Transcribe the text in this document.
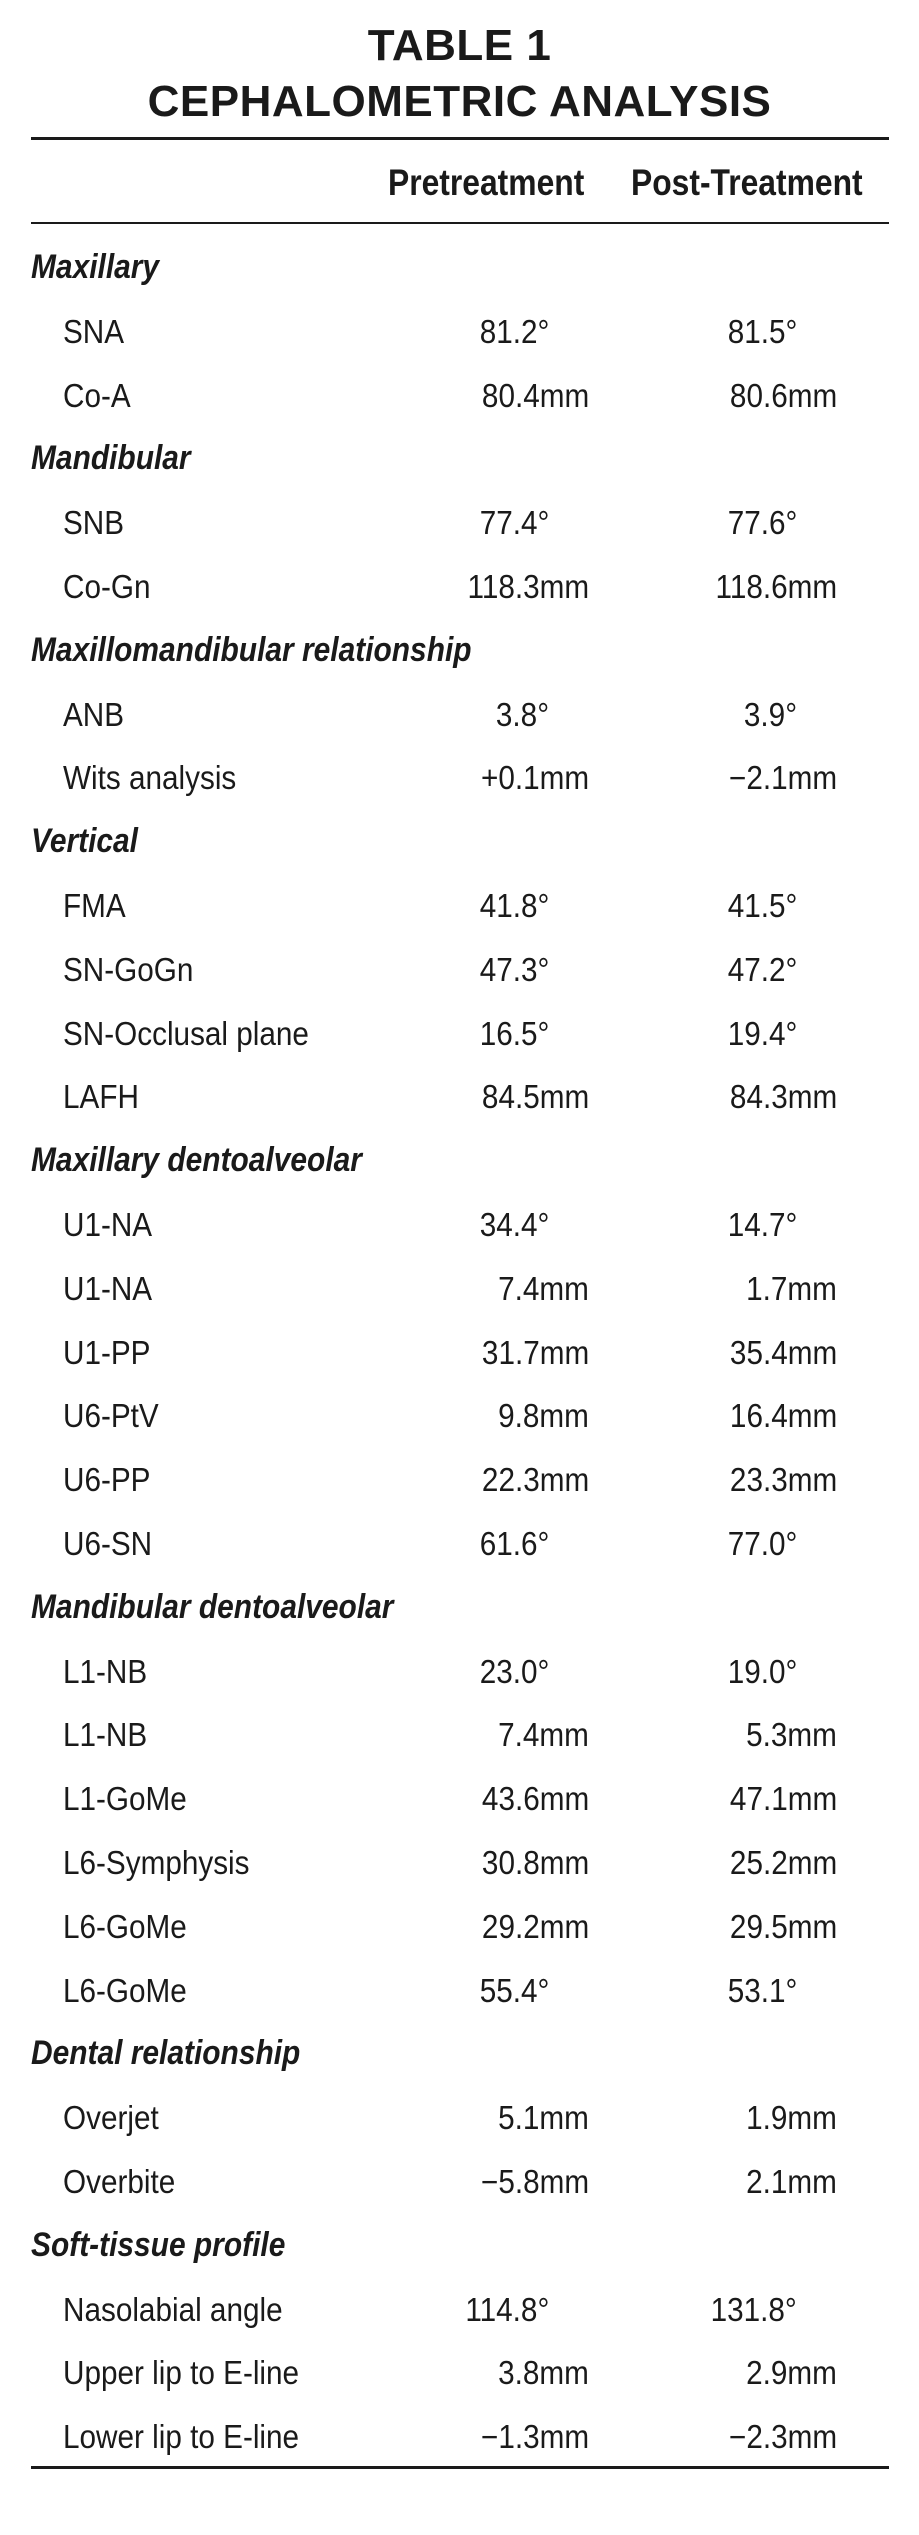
TABLE 1
CEPHALOMETRIC ANALYSIS
Pretreatment Post-Treatment
Maxillary
SNA	81.2°	81.5°
Co-A	80.4mm	80.6mm
Mandibular
SNB	77.4°	77.6°
Co-Gn	118.3mm	118.6mm
Maxillomandibular relationship
ANB	3.8°	3.9°
Wits analysis	+0.1mm	−2.1mm
Vertical
FMA	41.8°	41.5°
SN-GoGn	47.3°	47.2°
SN-Occlusal plane	16.5°	19.4°
LAFH	84.5mm	84.3mm
Maxillary dentoalveolar
U1-NA	34.4°	14.7°
U1-NA	7.4mm	1.7mm
U1-PP	31.7mm	35.4mm
U6-PtV	9.8mm	16.4mm
U6-PP	22.3mm	23.3mm
U6-SN	61.6°	77.0°
Mandibular dentoalveolar
L1-NB	23.0°	19.0°
L1-NB	7.4mm	5.3mm
L1-GoMe	43.6mm	47.1mm
L6-Symphysis	30.8mm	25.2mm
L6-GoMe	29.2mm	29.5mm
L6-GoMe	55.4°	53.1°
Dental relationship
Overjet	5.1mm	1.9mm
Overbite	−5.8mm	2.1mm
Soft-tissue profile
Nasolabial angle	114.8°	131.8°
Upper lip to E-line	3.8mm	2.9mm
Lower lip to E-line	−1.3mm	−2.3mm
